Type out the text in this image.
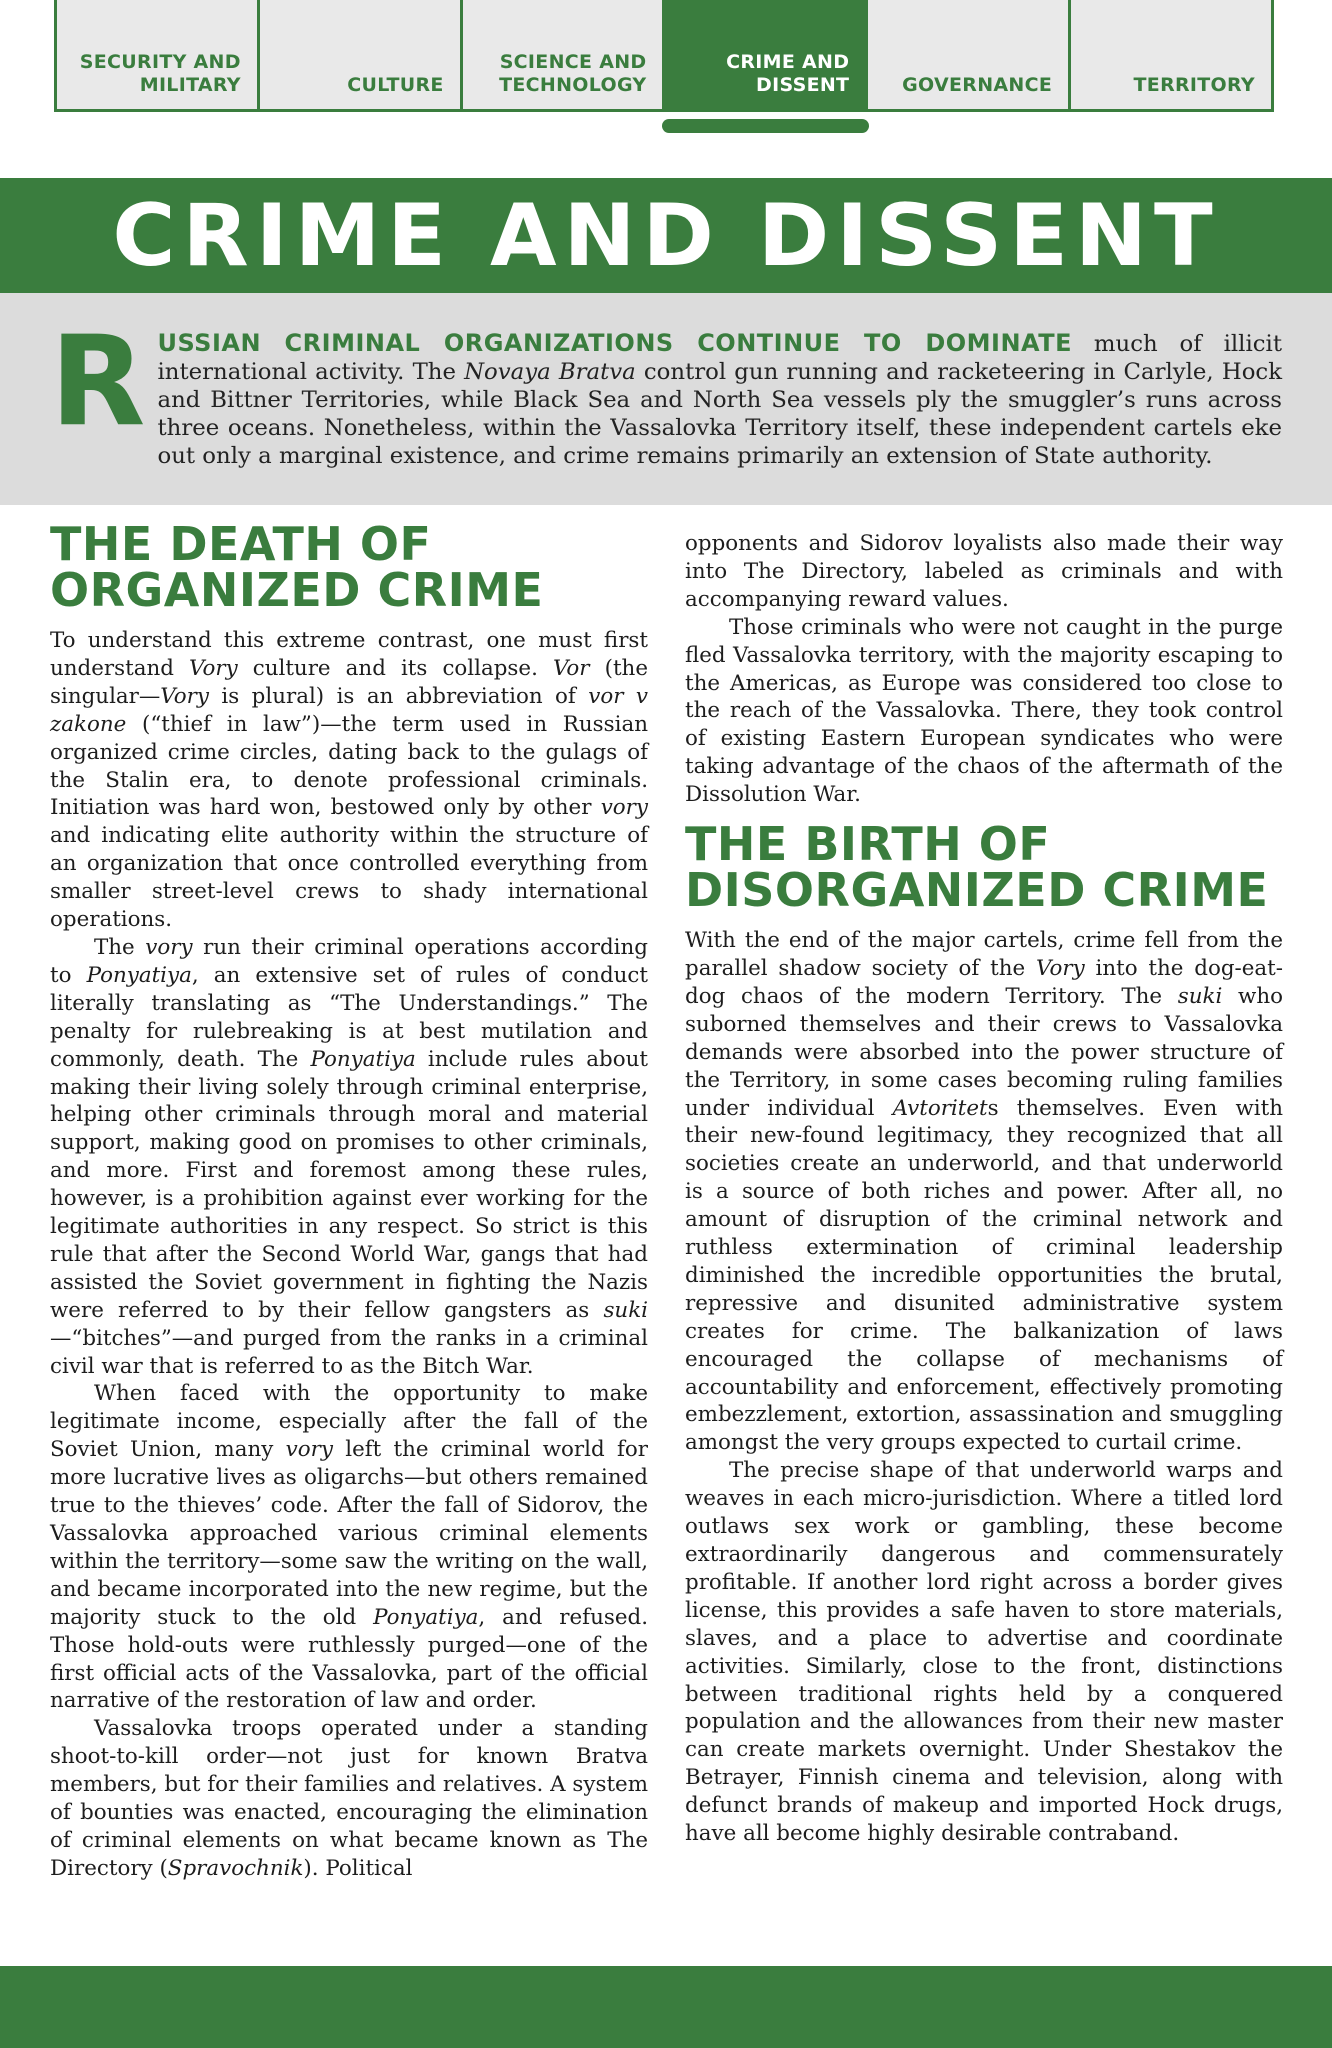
SECURITY AND
MILITARY	CULTURE
SCIENCE AND
TECHNOLOGY
CRIME AND
DISSENT	GOVERNANCE	TERRITORY
CRIME AND DISSENT
RUSSIAN CRIMINAL ORGANIZATIONS CONTINUE TO DOMINATE much of illicit international activity. The Novaya Bratva control gun running and racketeering in Carlyle, Hock and Bittner Territories, while Black Sea and North Sea vessels ply the smuggler’s runs across three oceans. Nonetheless, within the Vassalovka Territory itself, these independent cartels eke out only a marginal existence, and crime remains primarily an extension of State authority.
THE DEATH OF ORGANIZED CRIME

To understand this extreme contrast, one must first understand Vory culture and its collapse. Vor (the singular—Vory is plural) is an abbreviation of vor v zakone (“thief in law”)—the term used in Russian organized crime circles, dating back to the gulags of the Stalin era, to denote professional criminals. Initiation was hard won, bestowed only by other vory and indicating elite authority within the structure of an organization that once controlled everything from smaller street-level crews to shady international operations.

The vory run their criminal operations according to Ponyatiya, an extensive set of rules of conduct literally translating as “The Understandings.” The penalty for rulebreaking is at best mutilation and commonly, death. The Ponyatiya include rules about making their living solely through criminal enterprise, helping other criminals through moral and material support, making good on promises to other criminals, and more. First and foremost among these rules, however, is a prohibition against ever working for the legitimate authorities in any respect. So strict is this rule that after the Second World War, gangs that had assisted the Soviet government in fighting the Nazis were referred to by their fellow gangsters as suki—“bitches”—and purged from the ranks in a criminal civil war that is referred to as the Bitch War.

When faced with the opportunity to make legitimate income, especially after the fall of the Soviet Union, many vory left the criminal world for more lucrative lives as oligarchs—but others remained true to the thieves’ code. After the fall of Sidorov, the Vassalovka approached various criminal elements within the territory—some saw the writing on the wall, and became incorporated into the new regime, but the majority stuck to the old Ponyatiya, and refused. Those hold-outs were ruthlessly purged—one of the first official acts of the Vassalovka, part of the official narrative of the restoration of law and order.

Vassalovka troops operated under a standing shoot-to-kill order—not just for known Bratva members, but for their families and relatives. A system of bounties was enacted, encouraging the elimination of criminal elements on what became known as The Directory (Spravochnik). Political

opponents and Sidorov loyalists also made their way into The Directory, labeled as criminals and with accompanying reward values.

Those criminals who were not caught in the purge fled Vassalovka territory, with the majority escaping to the Americas, as Europe was considered too close to the reach of the Vassalovka. There, they took control of existing Eastern European syndicates who were taking advantage of the chaos of the aftermath of the Dissolution War.

THE BIRTH OF DISORGANIZED CRIME

With the end of the major cartels, crime fell from the parallel shadow society of the Vory into the dog-eat-dog chaos of the modern Territory. The suki who suborned themselves and their crews to Vassalovka demands were absorbed into the power structure of the Territory, in some cases becoming ruling families under individual Avtoritets themselves. Even with their new-found legitimacy, they recognized that all societies create an underworld, and that underworld is a source of both riches and power. After all, no amount of disruption of the criminal network and ruthless extermination of criminal leadership diminished the incredible opportunities the brutal, repressive and disunited administrative system creates for crime. The balkanization of laws encouraged the collapse of mechanisms of accountability and enforcement, effectively promoting embezzlement, extortion, assassination and smuggling amongst the very groups expected to curtail crime.

The precise shape of that underworld warps and weaves in each micro-jurisdiction. Where a titled lord outlaws sex work or gambling, these become extraordinarily dangerous and commensurately profitable. If another lord right across a border gives license, this provides a safe haven to store materials, slaves, and a place to advertise and coordinate activities. Similarly, close to the front, distinctions between traditional rights held by a conquered population and the allowances from their new master can create markets overnight. Under Shestakov the Betrayer, Finnish cinema and television, along with defunct brands of makeup and imported Hock drugs, have all become highly desirable contraband.
